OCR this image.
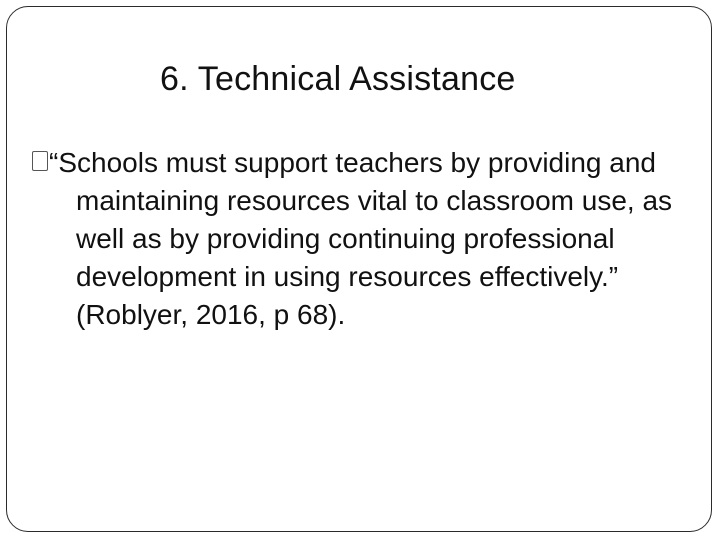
6. Technical Assistance
“Schools must support teachers by providing and maintaining resources vital to classroom use, as well as by providing continuing professional development in using resources effectively.” (Roblyer, 2016, p 68).
